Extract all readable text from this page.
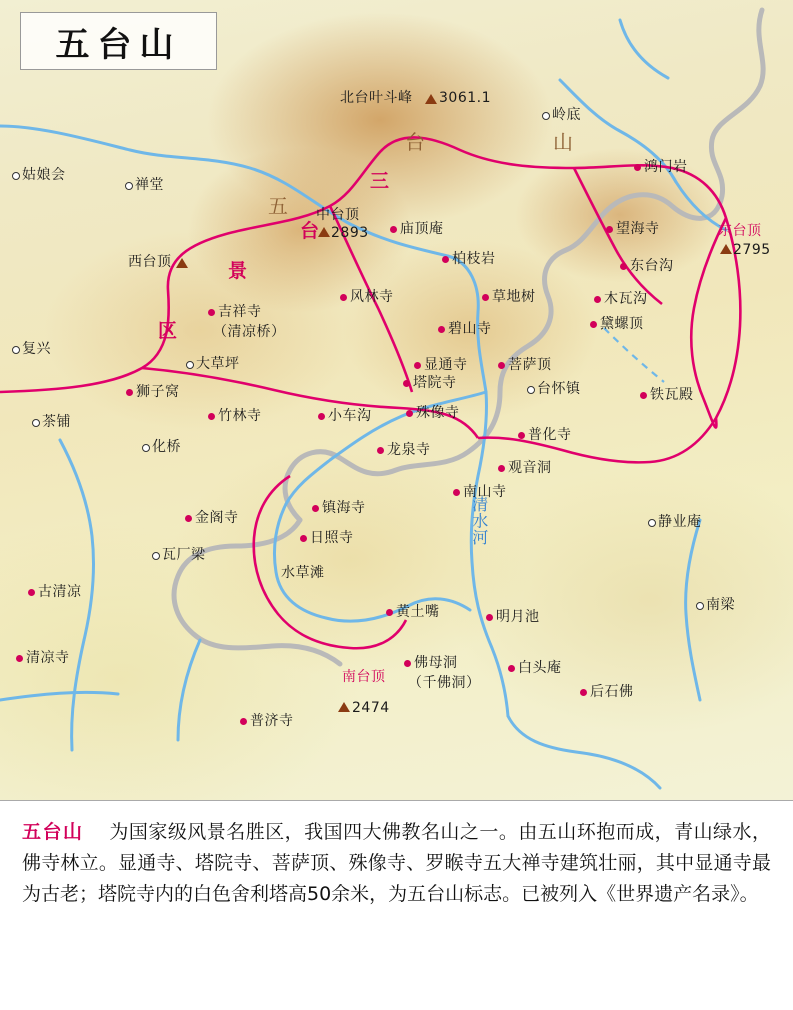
五台山
五
台	山
三
台
景
区
清水河
北台叶斗峰 3061.1
中台顶
2893
西台顶
东台顶
2795
南台顶
2474
岭底
鸿门岩
姑娘会
禅堂
望海寺
庙顶庵
柏枝岩	东台沟
木瓦沟
风林寺	草地树
吉祥寺
（清凉桥）	碧山寺	黛螺顶
复兴
大草坪	显通寺	菩萨顶
塔院寺	台怀镇
狮子窝	铁瓦殿
竹林寺	小车沟	殊像寺
茶铺
普化寺
化桥	龙泉寺
观音洞
南山寺
镇海寺
金阁寺	静业庵
日照寺
瓦厂梁
水草滩
古清凉
南梁
黄土嘴	明月池
清凉寺	佛母洞	白头庵
（千佛洞）
后石佛
普济寺

五台山 为国家级风景名胜区，我国四大佛教名山之一。由五山环抱而成，青山绿水，佛寺林立。显通寺、塔院寺、菩萨顶、殊像寺、罗睺寺五大禅寺建筑壮丽，其中显通寺最为古老；塔院寺内的白色舍利塔高50余米，为五台山标志。已被列入《世界遗产名录》。
